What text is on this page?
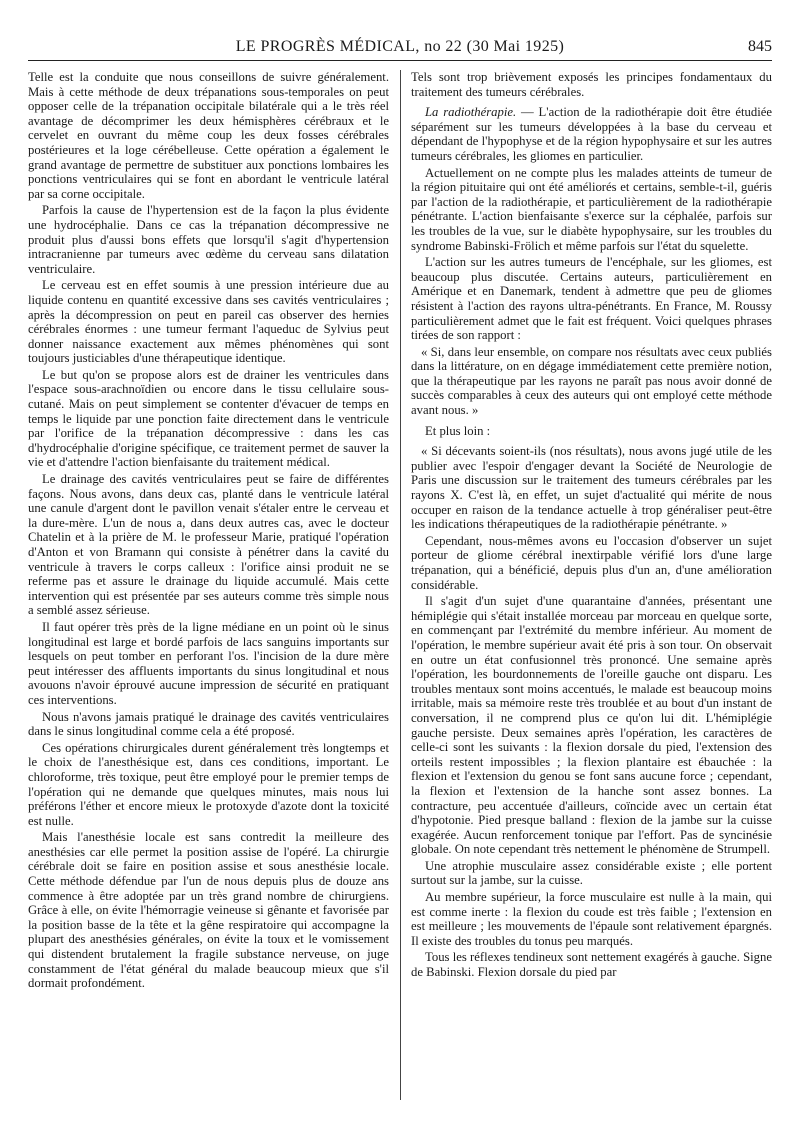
LE PROGRÈS MÉDICAL, no 22 (30 Mai 1925)	845

Telle est la conduite que nous conseillons de suivre généralement. Mais à cette méthode de deux trépanations sous-temporales on peut opposer celle de la trépanation occipitale bilatérale qui a le très réel avantage de décomprimer les deux hémisphères cérébraux et le cervelet en ouvrant du même coup les deux fosses cérébrales postérieures et la loge cérébelleuse. Cette opération a également le grand avantage de permettre de substituer aux ponctions lombaires les ponctions ventriculaires qui se font en abordant le ventricule latéral par sa corne occipitale.

Parfois la cause de l'hypertension est de la façon la plus évidente une hydrocéphalie. Dans ce cas la trépanation décompressive ne produit plus d'aussi bons effets que lorsqu'il s'agit d'hypertension intracranienne par tumeurs avec œdème du cerveau sans dilatation ventriculaire.

Le cerveau est en effet soumis à une pression intérieure due au liquide contenu en quantité excessive dans ses cavités ventriculaires ; après la décompression on peut en pareil cas observer des hernies cérébrales énormes : une tumeur fermant l'aqueduc de Sylvius peut donner naissance exactement aux mêmes phénomènes qui sont toujours justiciables d'une thérapeutique identique.

Le but qu'on se propose alors est de drainer les ventricules dans l'espace sous-arachnoïdien ou encore dans le tissu cellulaire sous-cutané. Mais on peut simplement se contenter d'évacuer de temps en temps le liquide par une ponction faite directement dans le ventricule par l'orifice de la trépanation décompressive : dans les cas d'hydrocéphalie d'origine spécifique, ce traitement permet de sauver la vie et d'attendre l'action bienfaisante du traitement médical.

Le drainage des cavités ventriculaires peut se faire de différentes façons. Nous avons, dans deux cas, planté dans le ventricule latéral une canule d'argent dont le pavillon venait s'étaler entre le cerveau et la dure-mère. L'un de nous a, dans deux autres cas, avec le docteur Chatelin et à la prière de M. le professeur Marie, pratiqué l'opération d'Anton et von Bramann qui consiste à pénétrer dans la cavité du ventricule à travers le corps calleux : l'orifice ainsi produit ne se referme pas et assure le drainage du liquide accumulé. Mais cette intervention qui est présentée par ses auteurs comme très simple nous a semblé assez sérieuse.

Il faut opérer très près de la ligne médiane en un point où le sinus longitudinal est large et bordé parfois de lacs sanguins importants sur lesquels on peut tomber en perforant l'os. l'incision de la dure mère peut intéresser des affluents importants du sinus longitudinal et nous avouons n'avoir éprouvé aucune impression de sécurité en pratiquant ces interventions.

Nous n'avons jamais pratiqué le drainage des cavités ventriculaires dans le sinus longitudinal comme cela a été proposé.

Ces opérations chirurgicales durent généralement très longtemps et le choix de l'anesthésique est, dans ces conditions, important. Le chloroforme, très toxique, peut être employé pour le premier temps de l'opération qui ne demande que quelques minutes, mais nous lui préférons l'éther et encore mieux le protoxyde d'azote dont la toxicité est nulle.

Mais l'anesthésie locale est sans contredit la meilleure des anesthésies car elle permet la position assise de l'opéré. La chirurgie cérébrale doit se faire en position assise et sous anesthésie locale. Cette méthode défendue par l'un de nous depuis plus de douze ans commence à être adoptée par un très grand nombre de chirurgiens. Grâce à elle, on évite l'hémorragie veineuse si gênante et favorisée par la position basse de la tête et la gêne respiratoire qui accompagne la plupart des anesthésies générales, on évite la toux et le vomissement qui distendent brutalement la fragile substance nerveuse, on juge constamment de l'état général du malade beaucoup mieux que s'il dormait profondément.

Tels sont trop brièvement exposés les principes fondamentaux du traitement des tumeurs cérébrales.

La radiothérapie. — L'action de la radiothérapie doit être étudiée séparément sur les tumeurs développées à la base du cerveau et dépendant de l'hypophyse et de la région hypophysaire et sur les autres tumeurs cérébrales, les gliomes en particulier.

Actuellement on ne compte plus les malades atteints de tumeur de la région pituitaire qui ont été améliorés et certains, semble-t-il, guéris par l'action de la radiothérapie, et particulièrement de la radiothérapie pénétrante. L'action bienfaisante s'exerce sur la céphalée, parfois sur les troubles de la vue, sur le diabète hypophysaire, sur les troubles du syndrome Babinski-Frölich et même parfois sur l'état du squelette.

L'action sur les autres tumeurs de l'encéphale, sur les gliomes, est beaucoup plus discutée. Certains auteurs, particulièrement en Amérique et en Danemark, tendent à admettre que peu de gliomes résistent à l'action des rayons ultra-pénétrants. En France, M. Roussy particulièrement admet que le fait est fréquent. Voici quelques phrases tirées de son rapport :

« Si, dans leur ensemble, on compare nos résultats avec ceux publiés dans la littérature, on en dégage immédiatement cette première notion, que la thérapeutique par les rayons ne paraît pas nous avoir donné de succès comparables à ceux des auteurs qui ont employé cette méthode avant nous. »

Et plus loin :

« Si décevants soient-ils (nos résultats), nous avons jugé utile de les publier avec l'espoir d'engager devant la Société de Neurologie de Paris une discussion sur le traitement des tumeurs cérébrales par les rayons X. C'est là, en effet, un sujet d'actualité qui mérite de nous occuper en raison de la tendance actuelle à trop généraliser peut-être les indications thérapeutiques de la radiothérapie pénétrante. »

Cependant, nous-mêmes avons eu l'occasion d'observer un sujet porteur de gliome cérébral inextirpable vérifié lors d'une large trépanation, qui a bénéficié, depuis plus d'un an, d'une amélioration considérable.

Il s'agit d'un sujet d'une quarantaine d'années, présentant une hémiplégie qui s'était installée morceau par morceau en quelque sorte, en commençant par l'extrémité du membre inférieur. Au moment de l'opération, le membre supérieur avait été pris à son tour. On observait en outre un état confusionnel très prononcé. Une semaine après l'opération, les bourdonnements de l'oreille gauche ont disparu. Les troubles mentaux sont moins accentués, le malade est beaucoup moins irritable, mais sa mémoire reste très troublée et au bout d'un instant de conversation, il ne comprend plus ce qu'on lui dit. L'hémiplégie gauche persiste. Deux semaines après l'opération, les caractères de celle-ci sont les suivants : la flexion dorsale du pied, l'extension des orteils restent impossibles ; la flexion plantaire est ébauchée : la flexion et l'extension du genou se font sans aucune force ; cependant, la flexion et l'extension de la hanche sont assez bonnes. La contracture, peu accentuée d'ailleurs, coïncide avec un certain état d'hypotonie. Pied presque balland : flexion de la jambe sur la cuisse exagérée. Aucun renforcement tonique par l'effort. Pas de syncinésie globale. On note cependant très nettement le phénomène de Strumpell.

Une atrophie musculaire assez considérable existe ; elle portent surtout sur la jambe, sur la cuisse.

Au membre supérieur, la force musculaire est nulle à la main, qui est comme inerte : la flexion du coude est très faible ; l'extension en est meilleure ; les mouvements de l'épaule sont relativement épargnés. Il existe des troubles du tonus peu marqués.

Tous les réflexes tendineux sont nettement exagérés à gauche. Signe de Babinski. Flexion dorsale du pied par
